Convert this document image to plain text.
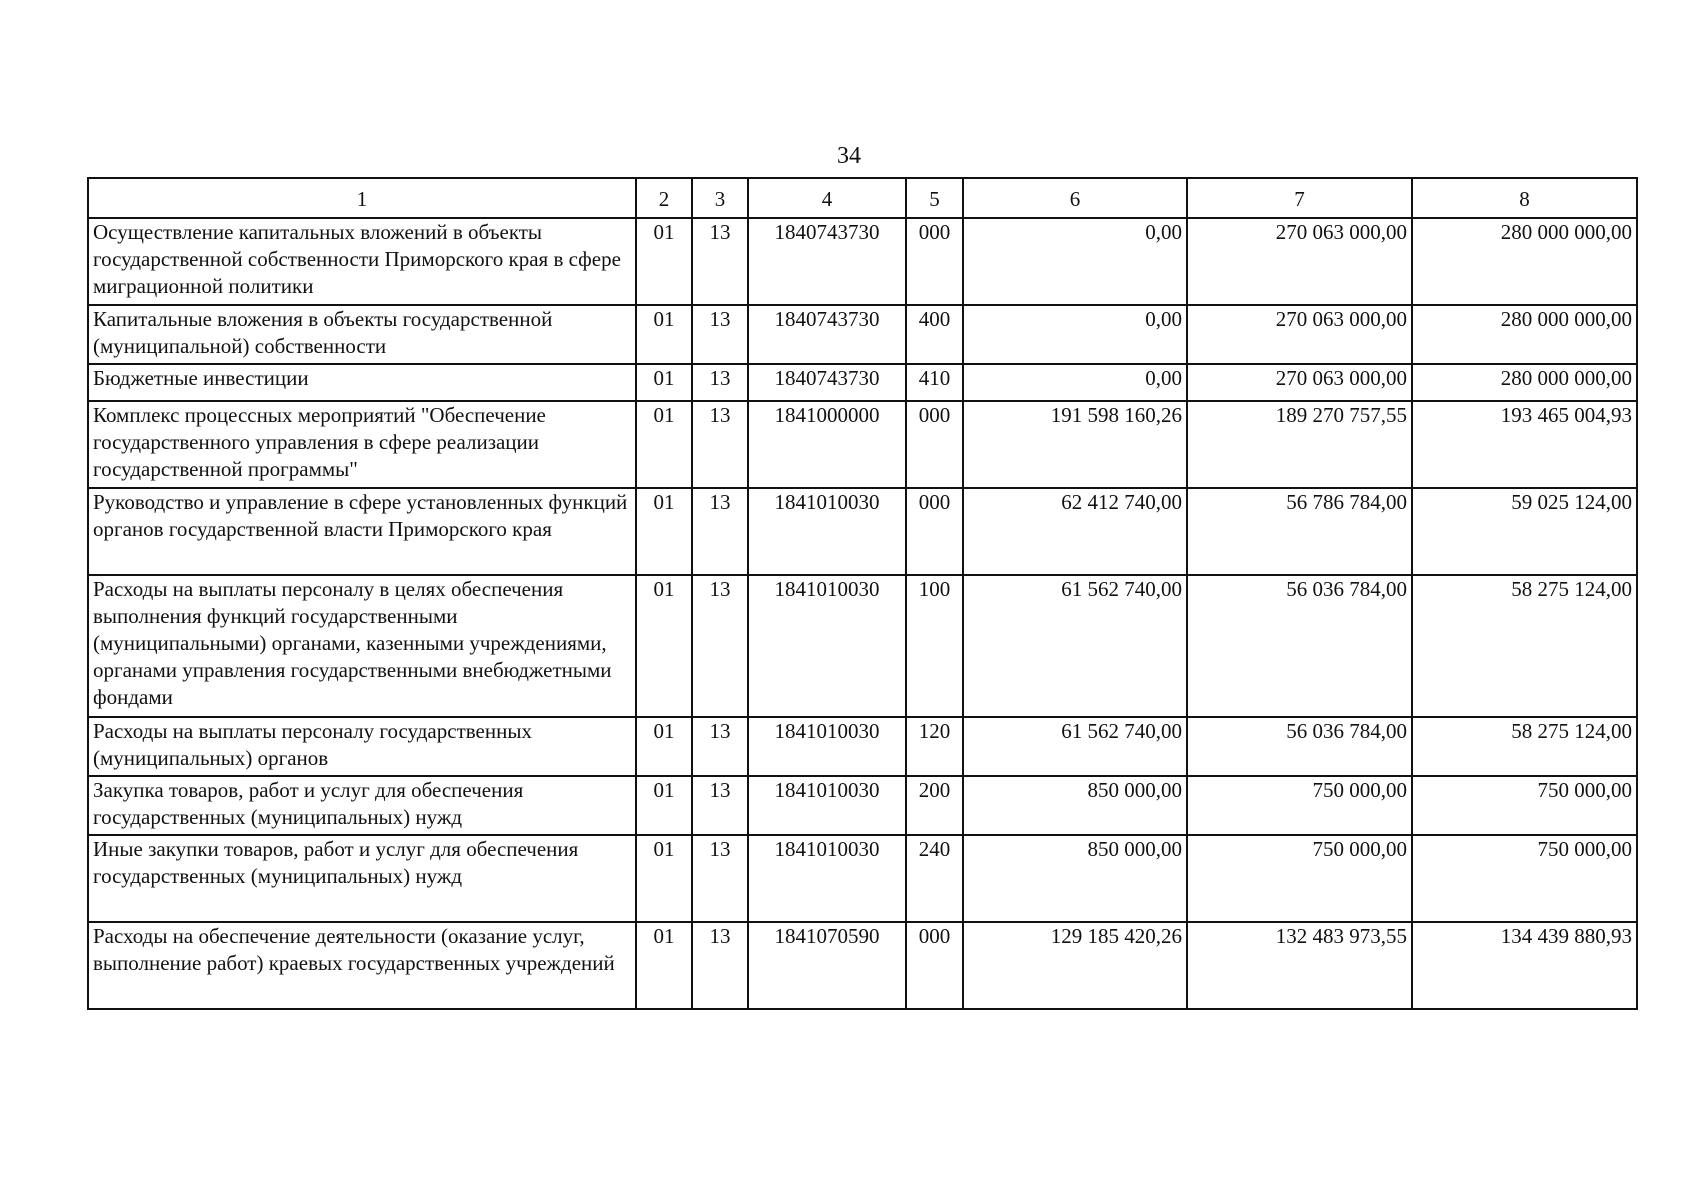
34
1	2	3	4	5	6	7	8
Осуществление капитальных вложений в объекты государственной собственности Приморского края в сфере миграционной политики	01	13	1840743730	000	0,00	270 063 000,00	280 000 000,00
Капитальные вложения в объекты государственной (муниципальной) собственности	01	13	1840743730	400	0,00	270 063 000,00	280 000 000,00
Бюджетные инвестиции	01	13	1840743730	410	0,00	270 063 000,00	280 000 000,00
Комплекс процессных мероприятий "Обеспечение государственного управления в сфере реализации государственной программы"	01	13	1841000000	000	191 598 160,26	189 270 757,55	193 465 004,93
Руководство и управление в сфере установленных функций органов государственной власти Приморского края	01	13	1841010030	000	62 412 740,00	56 786 784,00	59 025 124,00
Расходы на выплаты персоналу в целях обеспечения выполнения функций государственными (муниципальными) органами, казенными учреждениями, органами управления государственными внебюджетными фондами	01	13	1841010030	100	61 562 740,00	56 036 784,00	58 275 124,00
Расходы на выплаты персоналу государственных (муниципальных) органов	01	13	1841010030	120	61 562 740,00	56 036 784,00	58 275 124,00
Закупка товаров, работ и услуг для обеспечения государственных (муниципальных) нужд	01	13	1841010030	200	850 000,00	750 000,00	750 000,00
Иные закупки товаров, работ и услуг для обеспечения государственных (муниципальных) нужд	01	13	1841010030	240	850 000,00	750 000,00	750 000,00
Расходы на обеспечение деятельности (оказание услуг, выполнение работ) краевых государственных учреждений	01	13	1841070590	000	129 185 420,26	132 483 973,55	134 439 880,93
